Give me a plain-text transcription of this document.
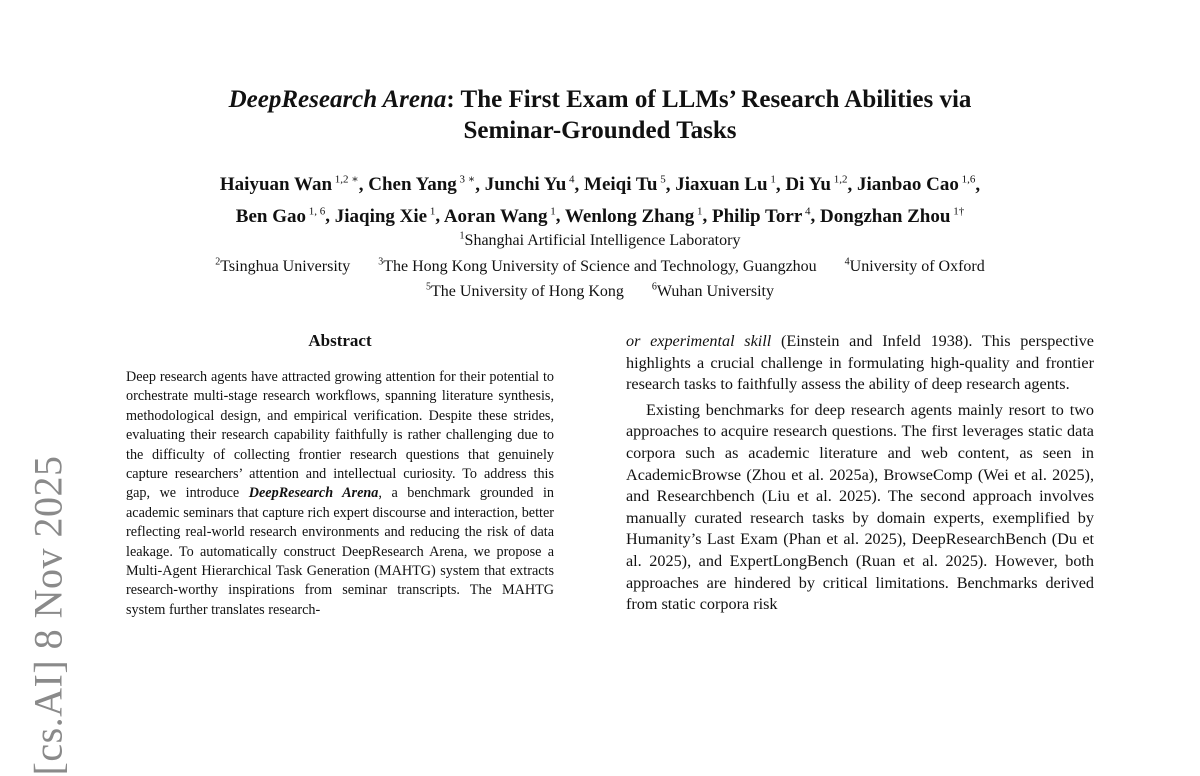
[cs.AI] 8 Nov 2025
DeepResearch Arena: The First Exam of LLMs’ Research Abilities via
Seminar-Grounded Tasks
Haiyuan Wan $^{1,2 ∗}$, Chen Yang $^{3 ∗}$, Junchi Yu $^4$, Meiqi Tu $^5$, Jiaxuan Lu $^1$, Di Yu $^{1,2}$, Jianbao Cao $^{1,6}$,
Ben Gao $^{1, 6}$, Jiaqing Xie $^1$, Aoran Wang $^1$, Wenlong Zhang $^1$, Philip Torr $^4$, Dongzhan Zhou $^{1\dagger}$
$^1$Shanghai Artificial Intelligence Laboratory
$^2$Tsinghua University	$^3$The Hong Kong University of Science and Technology, Guangzhou	$^4$University of Oxford
$^5$The University of Hong Kong	$^6$Wuhan University
Abstract
Deep research agents have attracted growing attention for their potential to orchestrate multi-stage research workflows, spanning literature synthesis, methodological design, and empirical verification. Despite these strides, evaluating their research capability faithfully is rather challenging due to the difficulty of collecting frontier research questions that genuinely capture researchers’ attention and intellectual curiosity. To address this gap, we introduce DeepResearch Arena, a benchmark grounded in academic seminars that capture rich expert discourse and interaction, better reflecting real-world research environments and reducing the risk of data leakage. To automatically construct DeepResearch Arena, we propose a Multi-Agent Hierarchical Task Generation (MAHTG) system that extracts research-worthy inspirations from seminar transcripts. The MAHTG system further translates research-

or experimental skill (Einstein and Infeld 1938). This perspective highlights a crucial challenge in formulating high-quality and frontier research tasks to faithfully assess the ability of deep research agents.

Existing benchmarks for deep research agents mainly resort to two approaches to acquire research questions. The first leverages static data corpora such as academic literature and web content, as seen in AcademicBrowse (Zhou et al. 2025a), BrowseComp (Wei et al. 2025), and Researchbench (Liu et al. 2025). The second approach involves manually curated research tasks by domain experts, exemplified by Humanity’s Last Exam (Phan et al. 2025), DeepResearchBench (Du et al. 2025), and ExpertLongBench (Ruan et al. 2025). However, both approaches are hindered by critical limitations. Benchmarks derived from static corpora risk
